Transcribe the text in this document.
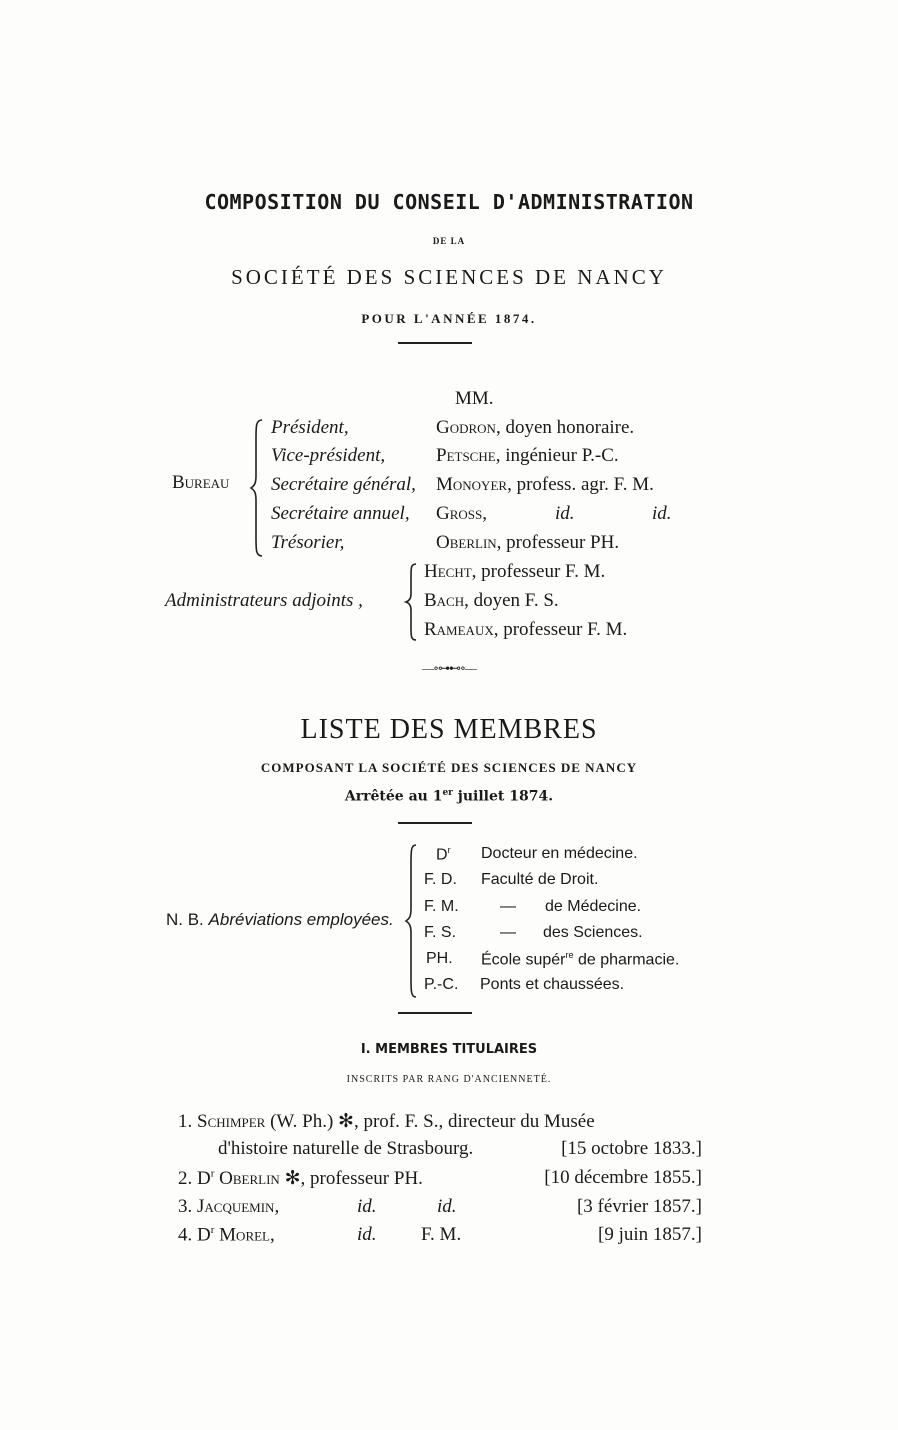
COMPOSITION DU CONSEIL D'ADMINISTRATION
DE LA
SOCIÉTÉ DES SCIENCES DE NANCY
POUR L'ANNÉE 1874.
MM.
Bureau
Président,	Godron, doyen honoraire.
Vice-président,	Petsche, ingénieur P.-C.
Secrétaire général, Monoyer, profess. agr. F. M.
Secrétaire annuel, Gross,	id.	id.
Trésorier,	Oberlin, professeur PH.
Administrateurs adjoints ,
Hecht, professeur F. M.
Bach, doyen F. S.
Rameaux, professeur F. M.
—∘⊶⊷∘—
LISTE DES MEMBRES
COMPOSANT LA SOCIÉTÉ DES SCIENCES DE NANCY
Arrêtée au 1er juillet 1874.
N. B. Abréviations employées.
$D^r$ Docteur en médecine.
F. D. Faculté de Droit.
F. M.	— de Médecine.
F. S.	— des Sciences.
PH. École supér$^{re}$ de pharmacie.
P.-C. Ponts et chaussées.
I. MEMBRES TITULAIRES
INSCRITS PAR RANG D'ANCIENNETÉ.
1. Schimper (W. Ph.) ✻, prof. F. S., directeur du Musée
d'histoire naturelle de Strasbourg.	[15 octobre 1833.]
2. $D^r$ Oberlin ✻, professeur PH.	[10 décembre 1855.]
3. Jacquemin,	id.	id.	[3 février 1857.]
4. $D^r$ Morel,	id. F. M.	[9 juin 1857.]
